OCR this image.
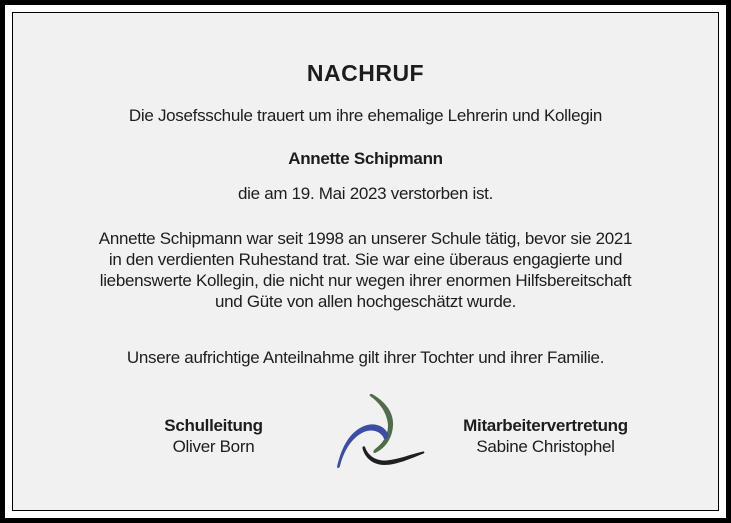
NACHRUF

Die Josefsschule trauert um ihre ehemalige Lehrerin und Kollegin

Annette Schipmann

die am 19. Mai 2023 verstorben ist.

Annette Schipmann war seit 1998 an unserer Schule tätig, bevor sie 2021
in den verdienten Ruhestand trat. Sie war eine überaus engagierte und
liebenswerte Kollegin, die nicht nur wegen ihrer enormen Hilfsbereitschaft
und Güte von allen hochgeschätzt wurde.

Unsere aufrichtige Anteilnahme gilt ihrer Tochter und ihrer Familie.

Schulleitung
Oliver Born
Mitarbeitervertretung
Sabine Christophel
